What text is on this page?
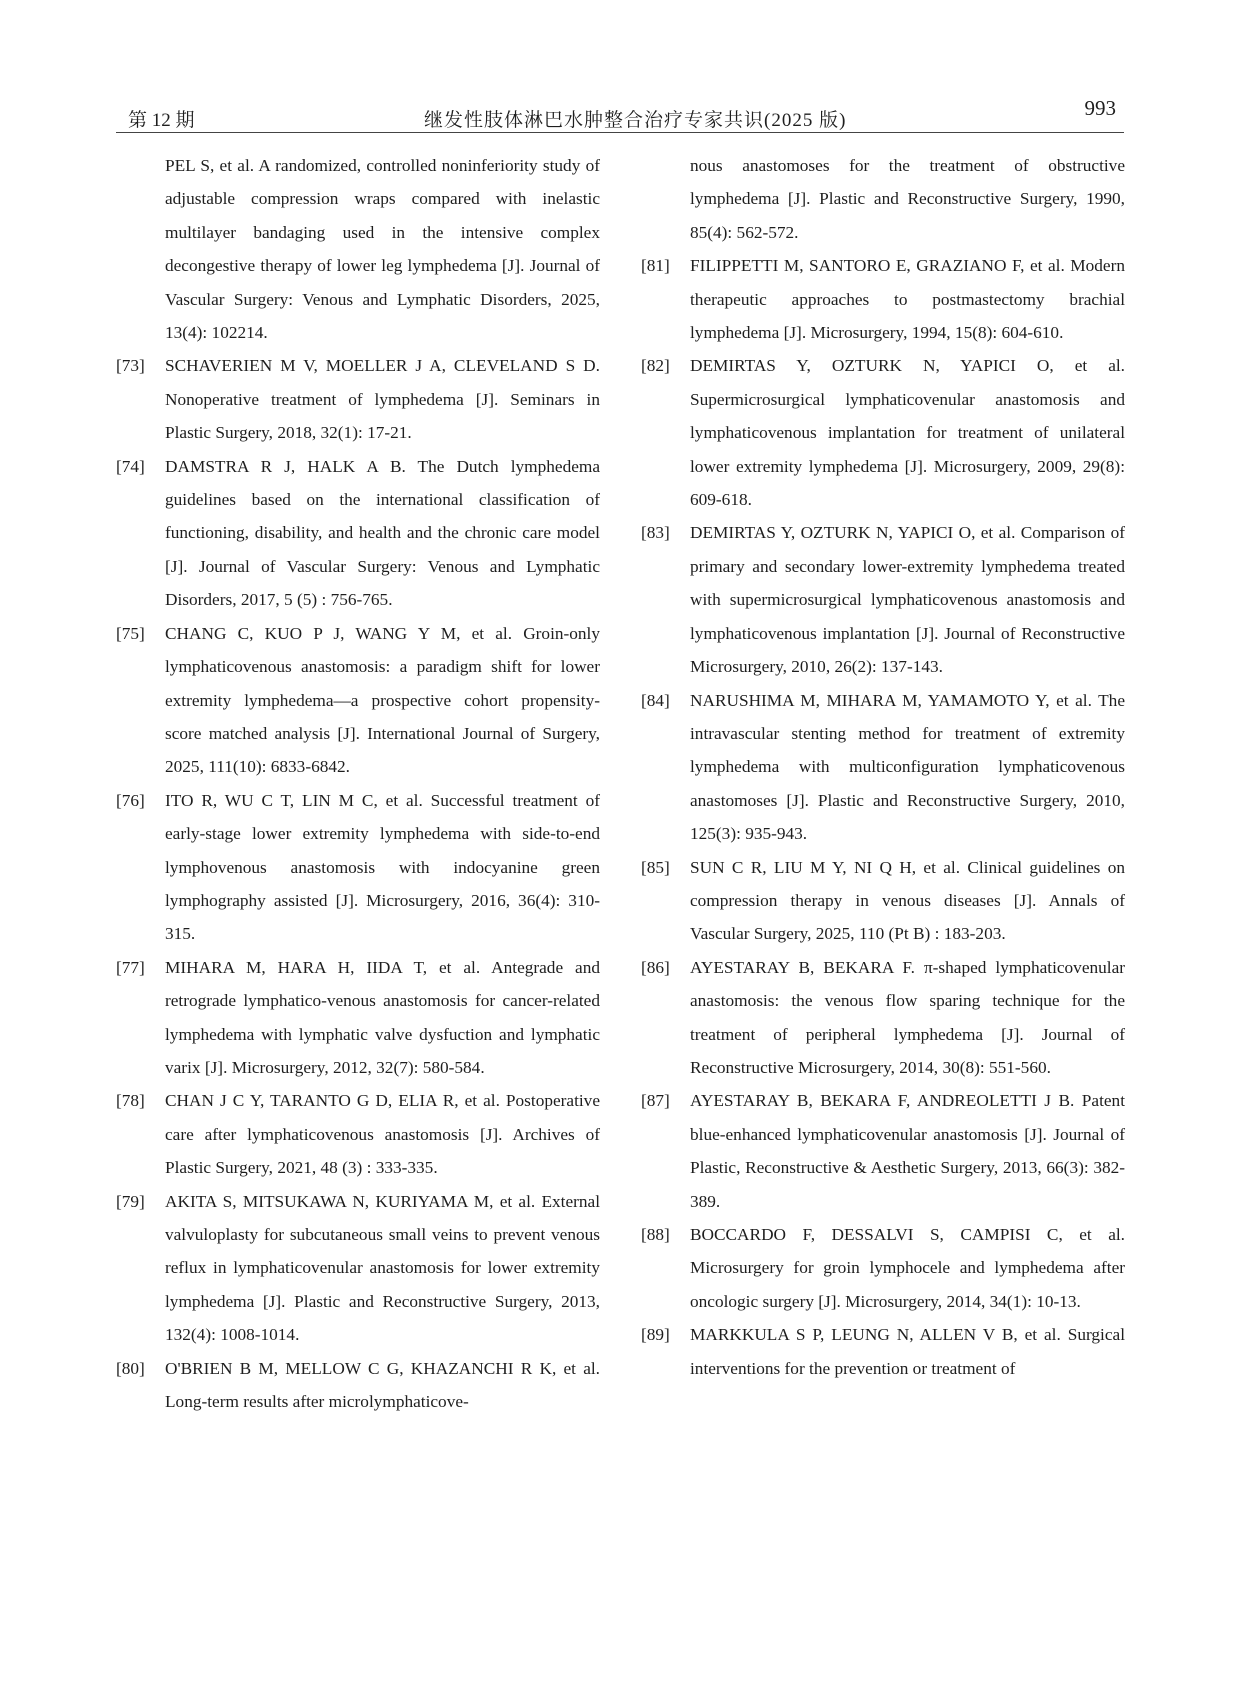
第 12 期	继发性肢体淋巴水肿整合治疗专家共识(2025 版)
993
PEL S, et al. A randomized, controlled noninferiority study of adjustable compression wraps compared with inelastic multilayer bandaging used in the intensive complex decongestive therapy of lower leg lymphedema [J]. Journal of Vascular Surgery: Venous and Lymphatic Disorders, 2025, 13(4): 102214.
[73] SCHAVERIEN M V, MOELLER J A, CLEVELAND S D. Nonoperative treatment of lymphedema [J]. Seminars in Plastic Surgery, 2018, 32(1): 17-21.
[74] DAMSTRA R J, HALK A B. The Dutch lymphedema guidelines based on the international classification of functioning, disability, and health and the chronic care model [J]. Journal of Vascular Surgery: Venous and Lymphatic Disorders, 2017, 5 (5) : 756-765.
[75] CHANG C, KUO P J, WANG Y M, et al. Groin-only lymphaticovenous anastomosis: a paradigm shift for lower extremity lymphedema—a prospective cohort propensity-score matched analysis [J]. International Journal of Surgery, 2025, 111(10): 6833-6842.
[76] ITO R, WU C T, LIN M C, et al. Successful treatment of early-stage lower extremity lymphedema with side-to-end lymphovenous anastomosis with indocyanine green lymphography assisted [J]. Microsurgery, 2016, 36(4): 310-315.
[77] MIHARA M, HARA H, IIDA T, et al. Antegrade and retrograde lymphatico-venous anastomosis for cancer-related lymphedema with lymphatic valve dysfuction and lymphatic varix [J]. Microsurgery, 2012, 32(7): 580-584.
[78] CHAN J C Y, TARANTO G D, ELIA R, et al. Postoperative care after lymphaticovenous anastomosis [J]. Archives of Plastic Surgery, 2021, 48 (3) : 333-335.
[79] AKITA S, MITSUKAWA N, KURIYAMA M, et al. External valvuloplasty for subcutaneous small veins to prevent venous reflux in lymphaticovenular anastomosis for lower extremity lymphedema [J]. Plastic and Reconstructive Surgery, 2013, 132(4): 1008-1014.
[80] O'BRIEN B M, MELLOW C G, KHAZANCHI R K, et al. Long-term results after microlymphaticove-
nous anastomoses for the treatment of obstructive lymphedema [J]. Plastic and Reconstructive Surgery, 1990, 85(4): 562-572.
[81] FILIPPETTI M, SANTORO E, GRAZIANO F, et al. Modern therapeutic approaches to postmastectomy brachial lymphedema [J]. Microsurgery, 1994, 15(8): 604-610.
[82] DEMIRTAS Y, OZTURK N, YAPICI O, et al. Supermicrosurgical lymphaticovenular anastomosis and lymphaticovenous implantation for treatment of unilateral lower extremity lymphedema [J]. Microsurgery, 2009, 29(8): 609-618.
[83] DEMIRTAS Y, OZTURK N, YAPICI O, et al. Comparison of primary and secondary lower-extremity lymphedema treated with supermicrosurgical lymphaticovenous anastomosis and lymphaticovenous implantation [J]. Journal of Reconstructive Microsurgery, 2010, 26(2): 137-143.
[84] NARUSHIMA M, MIHARA M, YAMAMOTO Y, et al. The intravascular stenting method for treatment of extremity lymphedema with multiconfiguration lymphaticovenous anastomoses [J]. Plastic and Reconstructive Surgery, 2010, 125(3): 935-943.
[85] SUN C R, LIU M Y, NI Q H, et al. Clinical guidelines on compression therapy in venous diseases [J]. Annals of Vascular Surgery, 2025, 110 (Pt B) : 183-203.
[86] AYESTARAY B, BEKARA F. π-shaped lymphaticovenular anastomosis: the venous flow sparing technique for the treatment of peripheral lymphedema [J]. Journal of Reconstructive Microsurgery, 2014, 30(8): 551-560.
[87] AYESTARAY B, BEKARA F, ANDREOLETTI J B. Patent blue-enhanced lymphaticovenular anastomosis [J]. Journal of Plastic, Reconstructive & Aesthetic Surgery, 2013, 66(3): 382-389.
[88] BOCCARDO F, DESSALVI S, CAMPISI C, et al. Microsurgery for groin lymphocele and lymphedema after oncologic surgery [J]. Microsurgery, 2014, 34(1): 10-13.
[89] MARKKULA S P, LEUNG N, ALLEN V B, et al. Surgical interventions for the prevention or treatment of
